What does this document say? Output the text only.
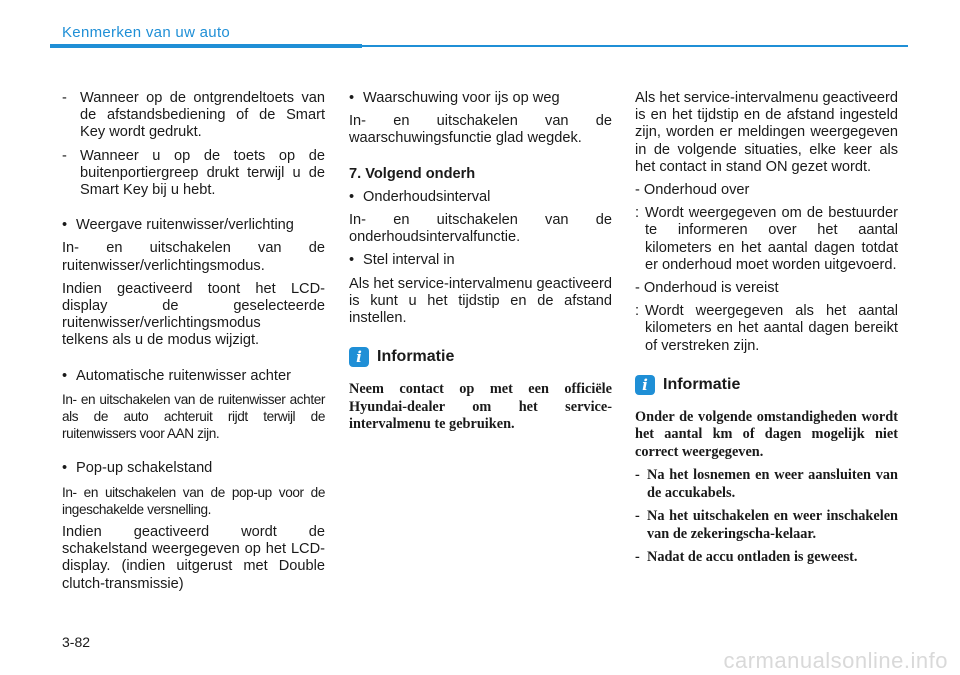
Kenmerken van uw auto
- Wanneer op de ontgrendeltoets van de afstandsbediening of de Smart Key wordt gedrukt.
- Wanneer u op de toets op de buitenportiergreep drukt terwijl u de Smart Key bij u hebt.
• Weergave ruitenwisser/verlichting

In- en uitschakelen van de ruitenwisser/verlichtingsmodus.

Indien geactiveerd toont het LCD-display de geselecteerde
ruitenwisser/verlichtingsmodus
telkens als u de modus wijzigt.
• Automatische ruitenwisser achter

In- en uitschakelen van de ruitenwisser achter als de auto achteruit rijdt terwijl de ruitenwissers voor AAN zijn.

• Pop-up schakelstand

In- en uitschakelen van de pop-up voor de ingeschakelde versnelling.

Indien geactiveerd wordt de schakelstand weergegeven op het LCD-display. (indien uitgerust met Double clutch-transmissie)

• Waarschuwing voor ijs op weg

In- en uitschakelen van de waarschuwingsfunctie glad wegdek.

7. Volgend onderh

• Onderhoudsinterval

In- en uitschakelen van de onderhoudsintervalfunctie.

• Stel interval in

Als het service-intervalmenu geactiveerd is kunt u het tijdstip en de afstand instellen.

i Informatie

Neem contact op met een officiële Hyundai-dealer om het service-intervalmenu te gebruiken.

Als het service-intervalmenu geactiveerd is en het tijdstip en de afstand ingesteld zijn, worden er meldingen weergegeven in de volgende situaties, elke keer als het contact in stand ON gezet wordt.

- Onderhoud over

: Wordt weergegeven om de bestuurder te informeren over het aantal kilometers en het aantal dagen totdat er onderhoud moet worden uitgevoerd.

- Onderhoud is vereist

: Wordt weergegeven als het aantal kilometers en het aantal dagen bereikt of verstreken zijn.
i Informatie

Onder de volgende omstandigheden wordt het aantal km of dagen mogelijk niet correct weergegeven.

- Na het losnemen en weer aansluiten van de accukabels.
- Na het uitschakelen en weer inschakelen van de zekeringscha-kelaar.
- Nadat de accu ontladen is geweest.
3-82
carmanualsonline.info
